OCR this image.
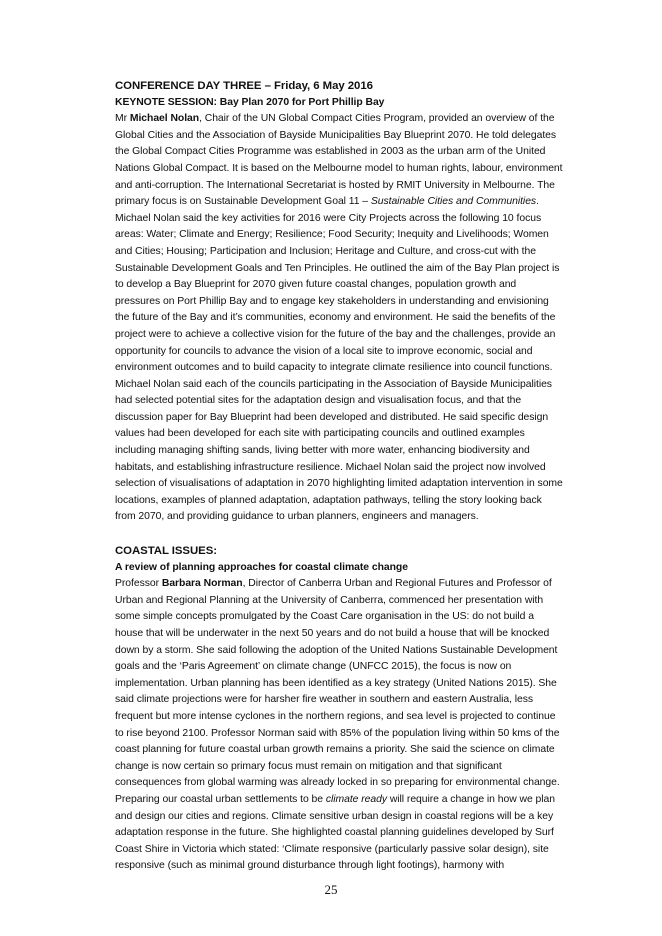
CONFERENCE DAY THREE – Friday, 6 May 2016
KEYNOTE SESSION: Bay Plan 2070 for Port Phillip Bay

Mr Michael Nolan, Chair of the UN Global Compact Cities Program, provided an overview of the Global Cities and the Association of Bayside Municipalities Bay Blueprint 2070. He told delegates the Global Compact Cities Programme was established in 2003 as the urban arm of the United Nations Global Compact. It is based on the Melbourne model to human rights, labour, environment and anti-corruption. The International Secretariat is hosted by RMIT University in Melbourne. The primary focus is on Sustainable Development Goal 11 – Sustainable Cities and Communities. Michael Nolan said the key activities for 2016 were City Projects across the following 10 focus areas: Water; Climate and Energy; Resilience; Food Security; Inequity and Livelihoods; Women and Cities; Housing; Participation and Inclusion; Heritage and Culture, and cross-cut with the Sustainable Development Goals and Ten Principles. He outlined the aim of the Bay Plan project is to develop a Bay Blueprint for 2070 given future coastal changes, population growth and pressures on Port Phillip Bay and to engage key stakeholders in understanding and envisioning the future of the Bay and it’s communities, economy and environment. He said the benefits of the project were to achieve a collective vision for the future of the bay and the challenges, provide an opportunity for councils to advance the vision of a local site to improve economic, social and environment outcomes and to build capacity to integrate climate resilience into council functions. Michael Nolan said each of the councils participating in the Association of Bayside Municipalities had selected potential sites for the adaptation design and visualisation focus, and that the discussion paper for Bay Blueprint had been developed and distributed. He said specific design values had been developed for each site with participating councils and outlined examples including managing shifting sands, living better with more water, enhancing biodiversity and habitats, and establishing infrastructure resilience. Michael Nolan said the project now involved selection of visualisations of adaptation in 2070 highlighting limited adaptation intervention in some locations, examples of planned adaptation, adaptation pathways, telling the story looking back from 2070, and providing guidance to urban planners, engineers and managers.

COASTAL ISSUES:
A review of planning approaches for coastal climate change

Professor Barbara Norman, Director of Canberra Urban and Regional Futures and Professor of Urban and Regional Planning at the University of Canberra, commenced her presentation with some simple concepts promulgated by the Coast Care organisation in the US: do not build a house that will be underwater in the next 50 years and do not build a house that will be knocked down by a storm. She said following the adoption of the United Nations Sustainable Development goals and the ‘Paris Agreement’ on climate change (UNFCC 2015), the focus is now on implementation. Urban planning has been identified as a key strategy (United Nations 2015). She said climate projections were for harsher fire weather in southern and eastern Australia, less frequent but more intense cyclones in the northern regions, and sea level is projected to continue to rise beyond 2100. Professor Norman said with 85% of the population living within 50 kms of the coast planning for future coastal urban growth remains a priority. She said the science on climate change is now certain so primary focus must remain on mitigation and that significant consequences from global warming was already locked in so preparing for environmental change. Preparing our coastal urban settlements to be climate ready will require a change in how we plan and design our cities and regions. Climate sensitive urban design in coastal regions will be a key adaptation response in the future. She highlighted coastal planning guidelines developed by Surf Coast Shire in Victoria which stated: ‘Climate responsive (particularly passive solar design), site responsive (such as minimal ground disturbance through light footings), harmony with

25
